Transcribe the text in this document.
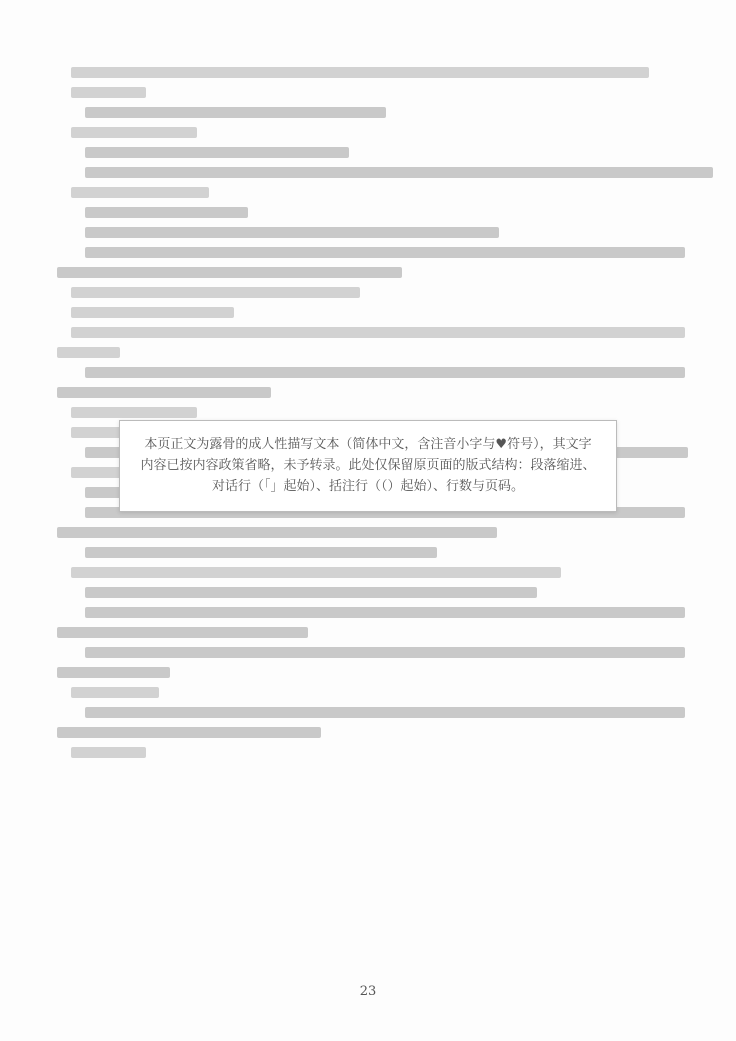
本页正文为露骨的成人性描写文本（简体中文，含注音小字与♥符号），其文字内容已按内容政策省略，未予转录。此处仅保留原页面的版式结构：段落缩进、对话行（「」起始）、括注行（（）起始）、行数与页码。
23
